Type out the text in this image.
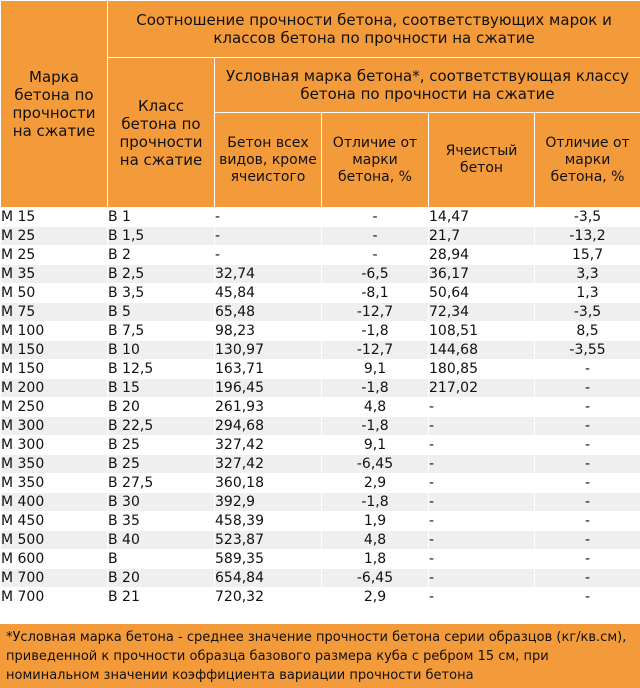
Марка бетона по прочности на сжатие	Соотношение прочности бетона, соответствующих марок и классов бетона по прочности на сжатие				
	Класс бетона по прочности на сжатие	Условная марка бетона*, соответствующая классу бетона по прочности на сжатие			
		Бетон всех видов, кроме ячеистого	Отличие от марки бетона, %	Ячеистый бетон	Отличие от марки бетона, %
М 15	В 1	-	-	14,47	-3,5
М 25	В 1,5	-	-	21,7	-13,2
М 25	В 2	-	-	28,94	15,7
М 35	В 2,5	32,74	-6,5	36,17	3,3
М 50	В 3,5	45,84	-8,1	50,64	1,3
М 75	В 5	65,48	-12,7	72,34	-3,5
М 100	В 7,5	98,23	-1,8	108,51	8,5
М 150	В 10	130,97	-12,7	144,68	-3,55
М 150	В 12,5	163,71	9,1	180,85	-
М 200	В 15	196,45	-1,8	217,02	-
М 250	В 20	261,93	4,8	-	-
М 300	В 22,5	294,68	-1,8	-	-
М 300	В 25	327,42	9,1	-	-
М 350	В 25	327,42	-6,45	-	-
М 350	В 27,5	360,18	2,9	-	-
М 400	В 30	392,9	-1,8	-	-
М 450	В 35	458,39	1,9	-	-
М 500	В 40	523,87	4,8	-	-
М 600	В	589,35	1,8	-	-
М 700	В 20	654,84	-6,45	-	-
М 700	В 21	720,32	2,9	-	-
*Условная марка бетона - среднее значение прочности бетона серии образцов (кг/кв.см), приведенной к прочности образца базового размера куба с ребром 15 см, при номинальном значении коэффициента вариации прочности бетона
